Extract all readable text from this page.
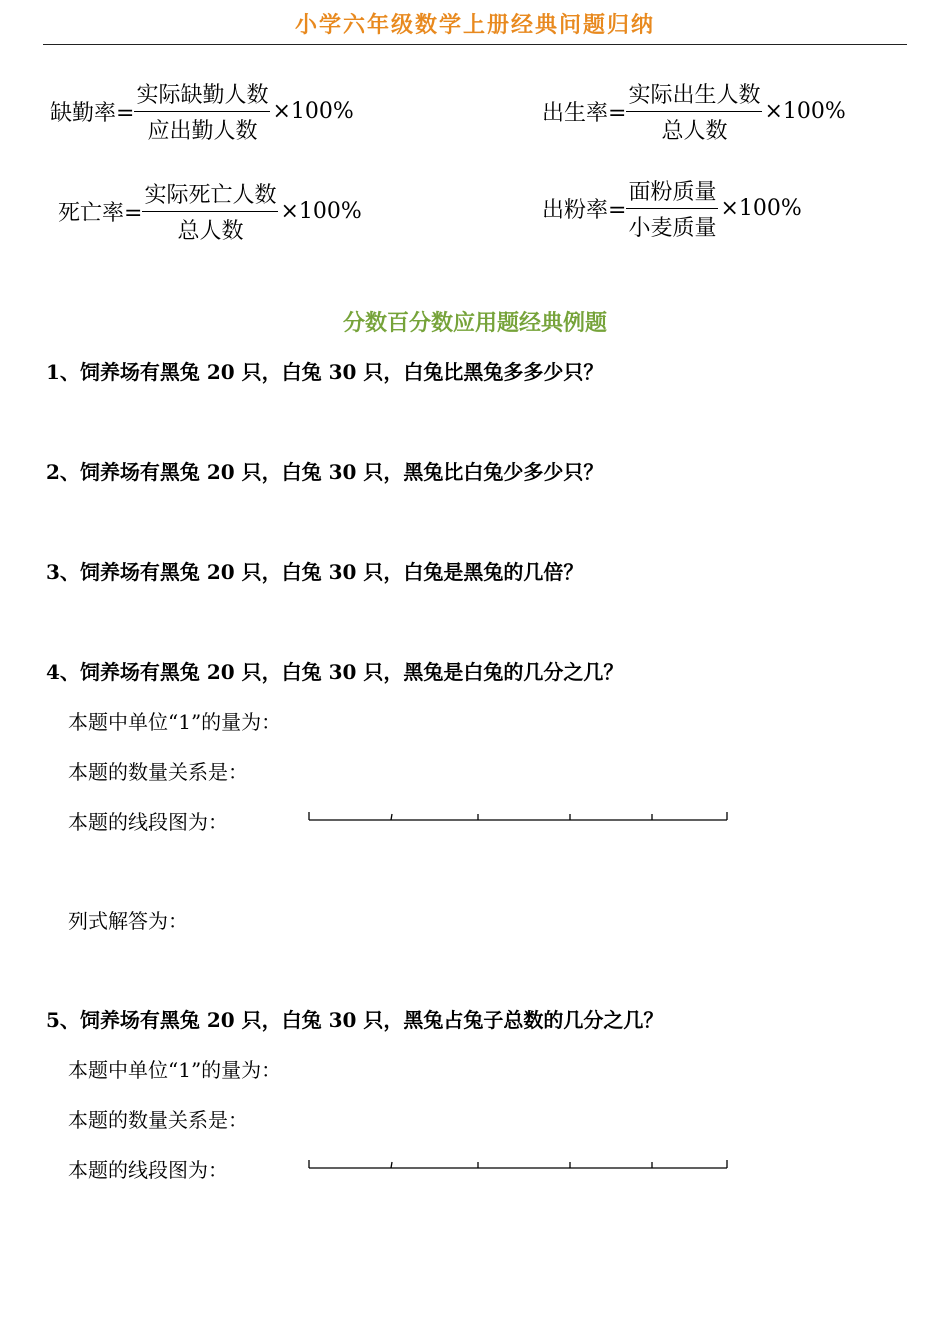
小学六年级数学上册经典问题归纳
缺勤率= $\frac{\text{实际缺勤人数}}{\text{应出勤人数}} \times 100\%$	出生率= $\frac{\text{实际出生人数}}{\text{总人数}} \times 100\%$
死亡率= $\frac{\text{实际死亡人数}}{\text{总人数}} \times 100\%$	出粉率= $\frac{\text{面粉质量}}{\text{小麦质量}} \times 100\%$
分数百分数应用题经典例题
1、饲养场有黑兔 20 只，白兔 30 只，白兔比黑兔多多少只？
2、饲养场有黑兔 20 只，白兔 30 只，黑兔比白兔少多少只？
3、饲养场有黑兔 20 只，白兔 30 只，白兔是黑兔的几倍？
4、饲养场有黑兔 20 只，白兔 30 只，黑兔是白兔的几分之几？
本题中单位“1”的量为：
本题的数量关系是：
本题的线段图为：
列式解答为：
5、饲养场有黑兔 20 只，白兔 30 只，黑兔占兔子总数的几分之几？
本题中单位“1”的量为：
本题的数量关系是：
本题的线段图为：
